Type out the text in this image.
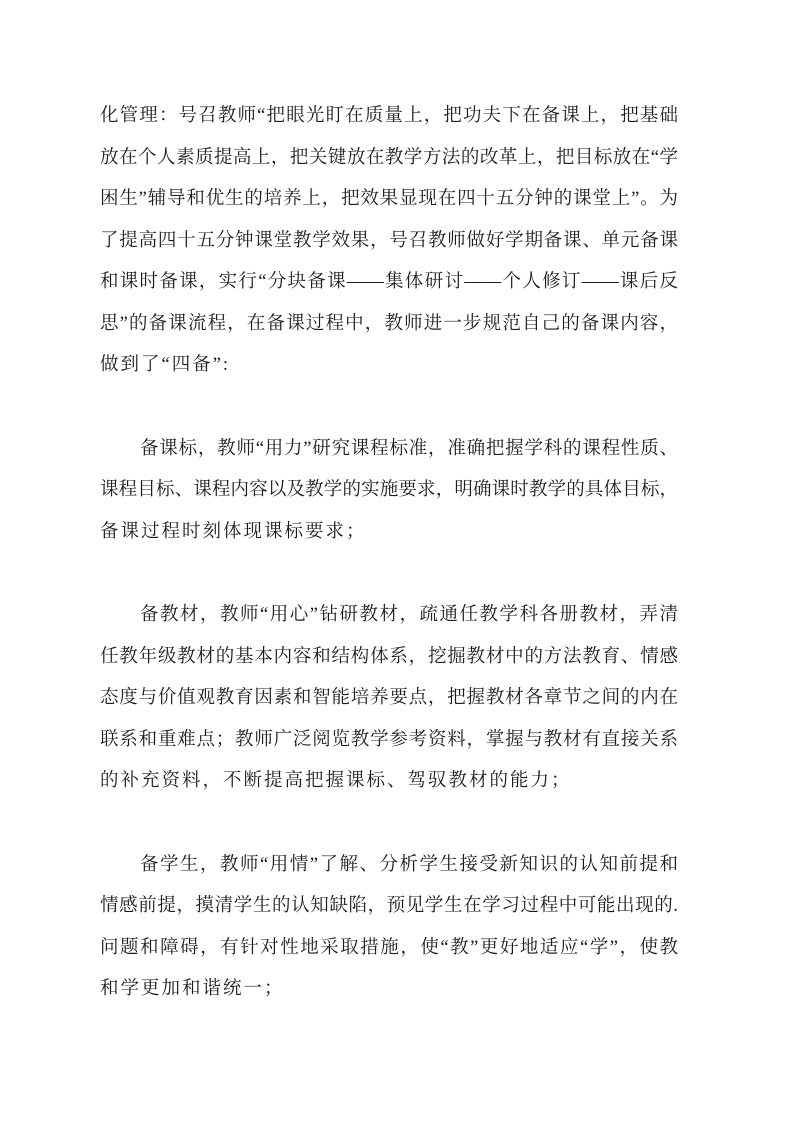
化管理：号召教师“把眼光盯在质量上，把功夫下在备课上，把基础
放在个人素质提高上，把关键放在教学方法的改革上，把目标放在“学
困生”辅导和优生的培养上，把效果显现在四十五分钟的课堂上”。为
了提高四十五分钟课堂教学效果，号召教师做好学期备课、单元备课
和课时备课，实行“分块备课——集体研讨——个人修订——课后反
思”的备课流程，在备课过程中，教师进一步规范自己的备课内容，
做到了“四备”:
备课标，教师“用力”研究课程标准，准确把握学科的课程性质、
课程目标、课程内容以及教学的实施要求，明确课时教学的具体目标，
备课过程时刻体现课标要求；
备教材，教师“用心”钻研教材，疏通任教学科各册教材，弄清
任教年级教材的基本内容和结构体系，挖掘教材中的方法教育、情感
态度与价值观教育因素和智能培养要点，把握教材各章节之间的内在
联系和重难点；教师广泛阅览教学参考资料，掌握与教材有直接关系
的补充资料，不断提高把握课标、驾驭教材的能力；
备学生，教师“用情”了解、分析学生接受新知识的认知前提和
情感前提，摸清学生的认知缺陷，预见学生在学习过程中可能出现的.
问题和障碍，有针对性地采取措施，使“教”更好地适应“学”，使教
和学更加和谐统一；
